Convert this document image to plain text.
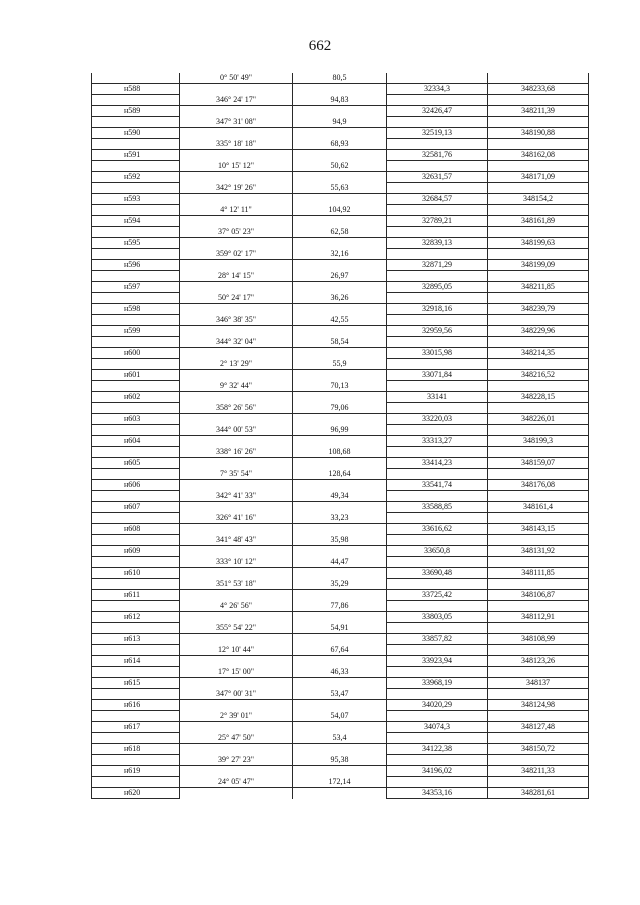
662
	0° 50' 49"	80,5		
н588			32334,3	348233,68
	346° 24' 17"	94,83		
н589			32426,47	348211,39
	347° 31' 08"	94,9		
н590			32519,13	348190,88
	335° 18' 18"	68,93		
н591			32581,76	348162,08
	10° 15' 12"	50,62		
н592			32631,57	348171,09
	342° 19' 26"	55,63		
н593			32684,57	348154,2
	4° 12' 11"	104,92		
н594			32789,21	348161,89
	37° 05' 23"	62,58		
н595			32839,13	348199,63
	359° 02' 17"	32,16		
н596			32871,29	348199,09
	28° 14' 15"	26,97		
н597			32895,05	348211,85
	50° 24' 17"	36,26		
н598			32918,16	348239,79
	346° 38' 35"	42,55		
н599			32959,56	348229,96
	344° 32' 04"	58,54		
н600			33015,98	348214,35
	2° 13' 29"	55,9		
н601			33071,84	348216,52
	9° 32' 44"	70,13		
н602			33141	348228,15
	358° 26' 56"	79,06		
н603			33220,03	348226,01
	344° 00' 53"	96,99		
н604			33313,27	348199,3
	338° 16' 26"	108,68		
н605			33414,23	348159,07
	7° 35' 54"	128,64		
н606			33541,74	348176,08
	342° 41' 33"	49,34		
н607			33588,85	348161,4
	326° 41' 16"	33,23		
н608			33616,62	348143,15
	341° 48' 43"	35,98		
н609			33650,8	348131,92
	333° 10' 12"	44,47		
н610			33690,48	348111,85
	351° 53' 18"	35,29		
н611			33725,42	348106,87
	4° 26' 56"	77,86		
н612			33803,05	348112,91
	355° 54' 22"	54,91		
н613			33857,82	348108,99
	12° 10' 44"	67,64		
н614			33923,94	348123,26
	17° 15' 00"	46,33		
н615			33968,19	348137
	347° 00' 31"	53,47		
н616			34020,29	348124,98
	2° 39' 01"	54,07		
н617			34074,3	348127,48
	25° 47' 50"	53,4		
н618			34122,38	348150,72
	39° 27' 23"	95,38		
н619			34196,02	348211,33
	24° 05' 47"	172,14		
н620			34353,16	348281,61
